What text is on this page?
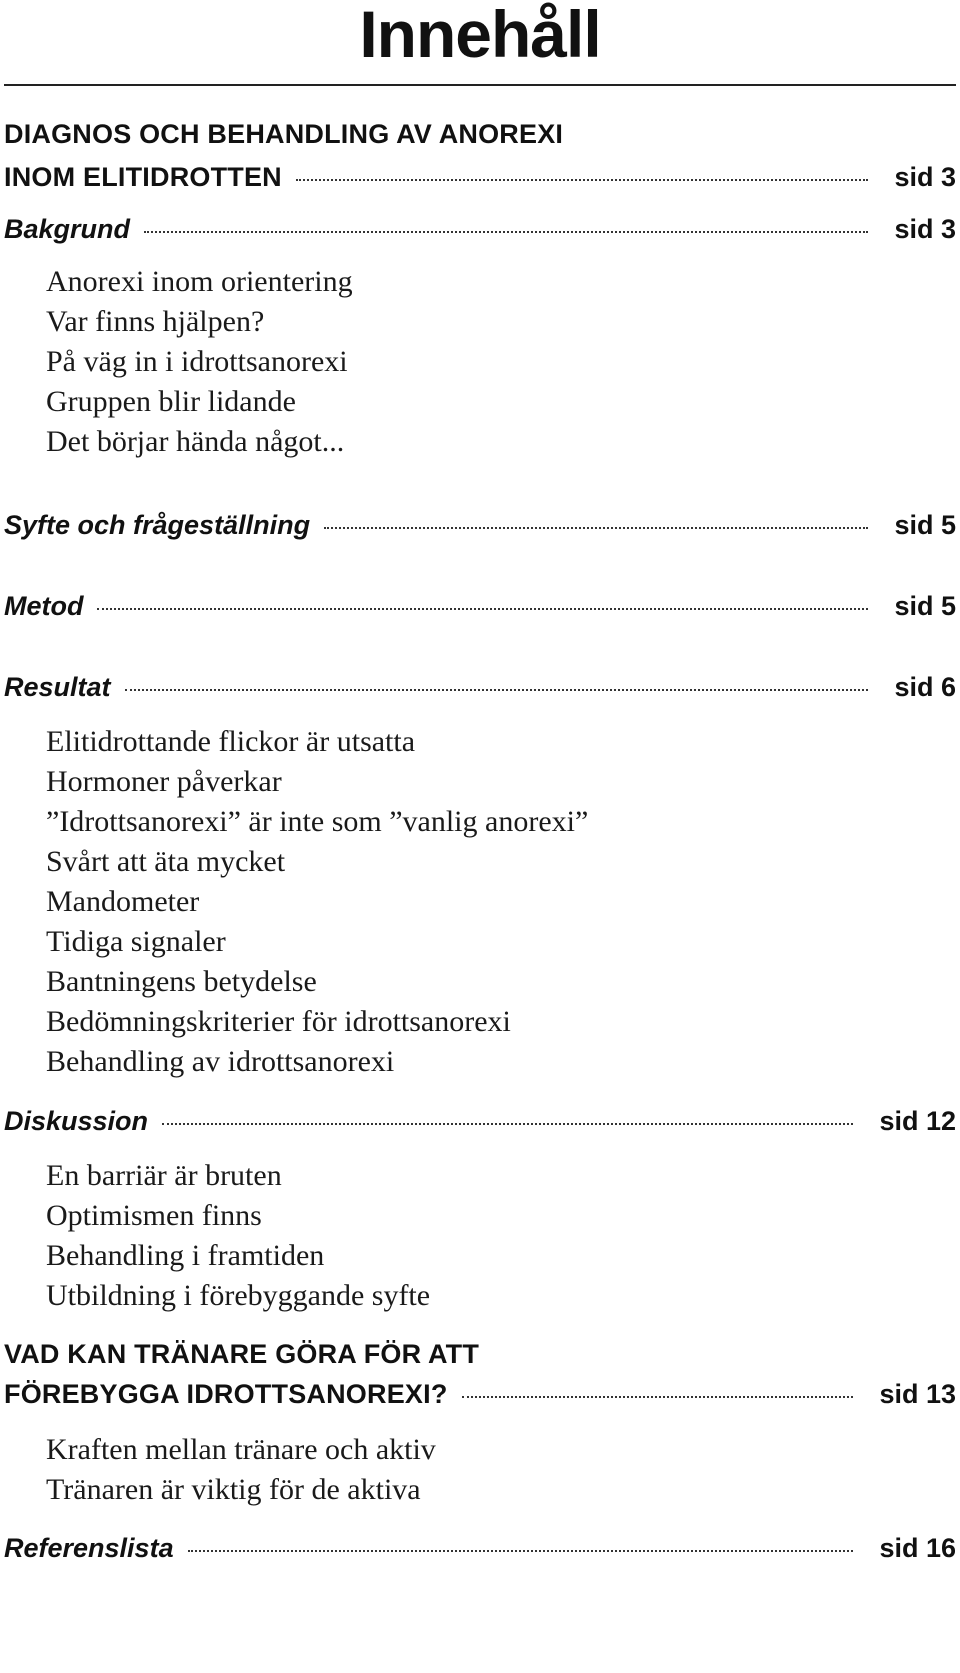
Innehåll
DIAGNOS OCH BEHANDLING AV ANOREXI
INOM ELITIDROTTEN	sid 3
Bakgrund	sid 3
Anorexi inom orientering
Var finns hjälpen?
På väg in i idrottsanorexi
Gruppen blir lidande
Det börjar hända något...
Syfte och frågeställning	sid 5
Metod	sid 5
Resultat	sid 6
Elitidrottande flickor är utsatta
Hormoner påverkar
”Idrottsanorexi” är inte som ”vanlig anorexi”
Svårt att äta mycket
Mandometer
Tidiga signaler
Bantningens betydelse
Bedömningskriterier för idrottsanorexi
Behandling av idrottsanorexi
Diskussion	sid 12
En barriär är bruten
Optimismen finns
Behandling i framtiden
Utbildning i förebyggande syfte
VAD KAN TRÄNARE GÖRA FÖR ATT
FÖREBYGGA IDROTTSANOREXI?	sid 13
Kraften mellan tränare och aktiv
Tränaren är viktig för de aktiva
Referenslista	sid 16
